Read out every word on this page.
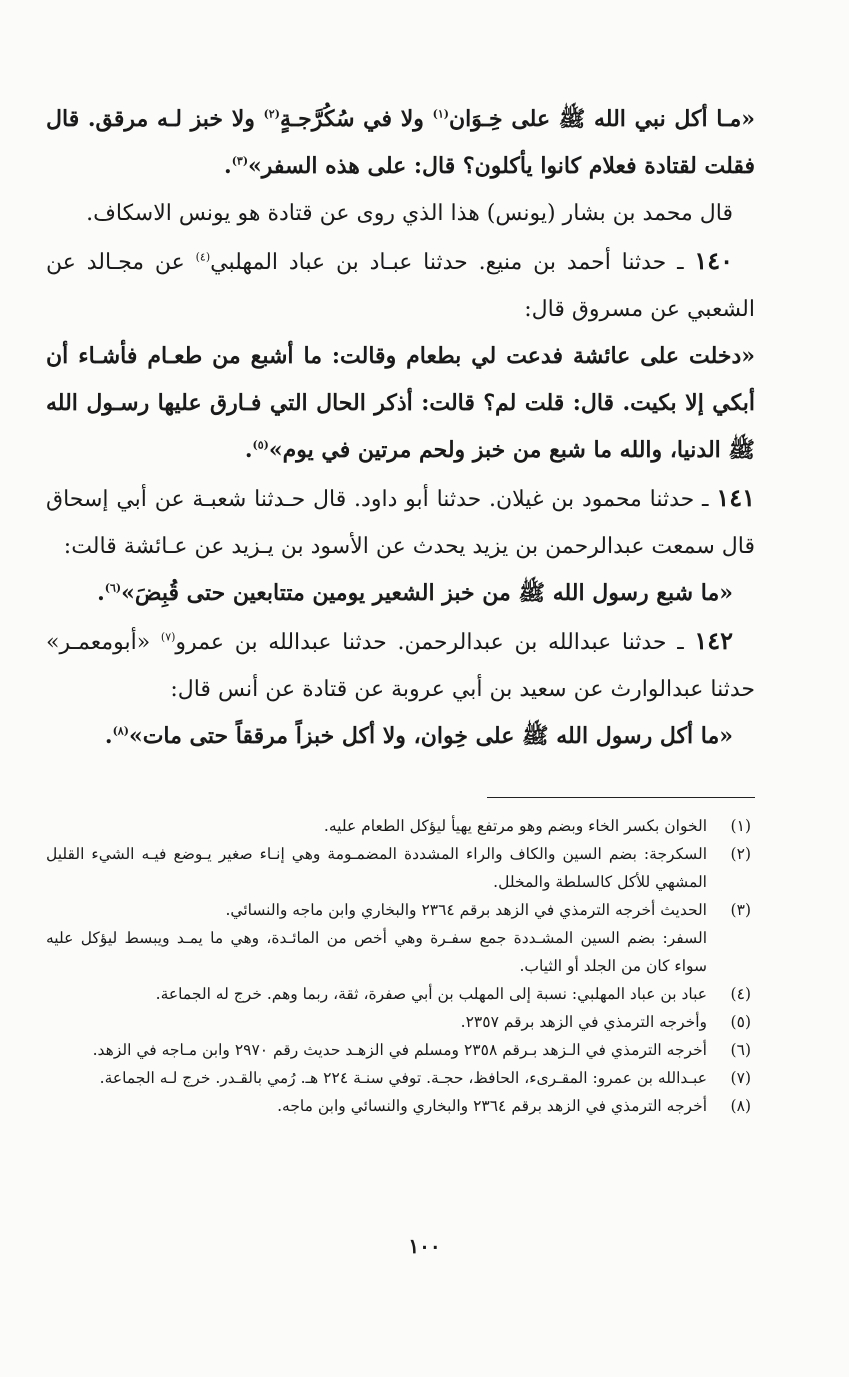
«مـا أكل نبي الله ﷺ على خِـوَان$^{(١)}$ ولا في سُكُرَّجـةٍ$^{(٢)}$ ولا خبز لـه مرقق. قال فقلت لقتادة فعلام كانوا يأكلون؟ قال: على هذه السفر»$^{(٣)}$.

قال محمد بن بشار (يونس) هذا الذي روى عن قتادة هو يونس الاسكاف.

١٤٠ ـ حدثنا أحمد بن منيع. حدثنا عبـاد بن عباد المهلبي$^{(٤)}$ عن مجـالد عن الشعبي عن مسروق قال:

«دخلت على عائشة فدعت لي بطعام وقالت: ما أشبع من طعـام فأشـاء أن أبكي إلا بكيت. قال: قلت لم؟ قالت: أذكر الحال التي فـارق عليها رسـول الله ﷺ الدنيا، والله ما شبع من خبز ولحم مرتين في يوم»$^{(٥)}$.

١٤١ ـ حدثنا محمود بن غيلان. حدثنا أبو داود. قال حـدثنا شعبـة عن أبي إسحاق قال سمعت عبدالرحمن بن يزيد يحدث عن الأسود بن يـزيد عن عـائشة قالت:

«ما شبع رسول الله ﷺ من خبز الشعير يومين متتابعين حتى قُبِضَ»$^{(٦)}$.

١٤٢ ـ حدثنا عبدالله بن عبدالرحمن. حدثنا عبدالله بن عمرو$^{(٧)}$ «أبومعمـر» حدثنا عبدالوارث عن سعيد بن أبي عروبة عن قتادة عن أنس قال:

«ما أكل رسول الله ﷺ على خِوان، ولا أكل خبزاً مرققاً حتى مات»$^{(٨)}$.

(١)
الخوان بكسر الخاء وبضم وهو مرتفع يهيأ ليؤكل الطعام عليه.
(٢)
السكرجة: بضم السين والكاف والراء المشددة المضمـومة وهي إنـاء صغير يـوضع فيـه الشيء القليل المشهي للأكل كالسلطة والمخلل.
(٣)
الحديث أخرجه الترمذي في الزهد برقم ٢٣٦٤ والبخاري وابن ماجه والنسائي.
السفر: بضم السين المشـددة جمع سفـرة وهي أخص من المائـدة، وهي ما يمـد ويبسط ليؤكل عليه سواء كان من الجلد أو الثياب.
(٤)
عباد بن عباد المهلبي: نسبة إلى المهلب بن أبي صفرة، ثقة، ربما وهم. خرج له الجماعة.
(٥)
وأخرجه الترمذي في الزهد برقم ٢٣٥٧.
(٦)
أخرجه الترمذي في الـزهد بـرقم ٢٣٥٨ ومسلم في الزهـد حديث رقم ٢٩٧٠ وابن مـاجه في الزهد.
(٧)
عبـدالله بن عمرو: المقـرىء، الحافظ، حجـة. توفي سنـة ٢٢٤ هـ. رُمي بالقـدر. خرج لـه الجماعة.
(٨)
أخرجه الترمذي في الزهد برقم ٢٣٦٤ والبخاري والنسائي وابن ماجه.
١٠٠
